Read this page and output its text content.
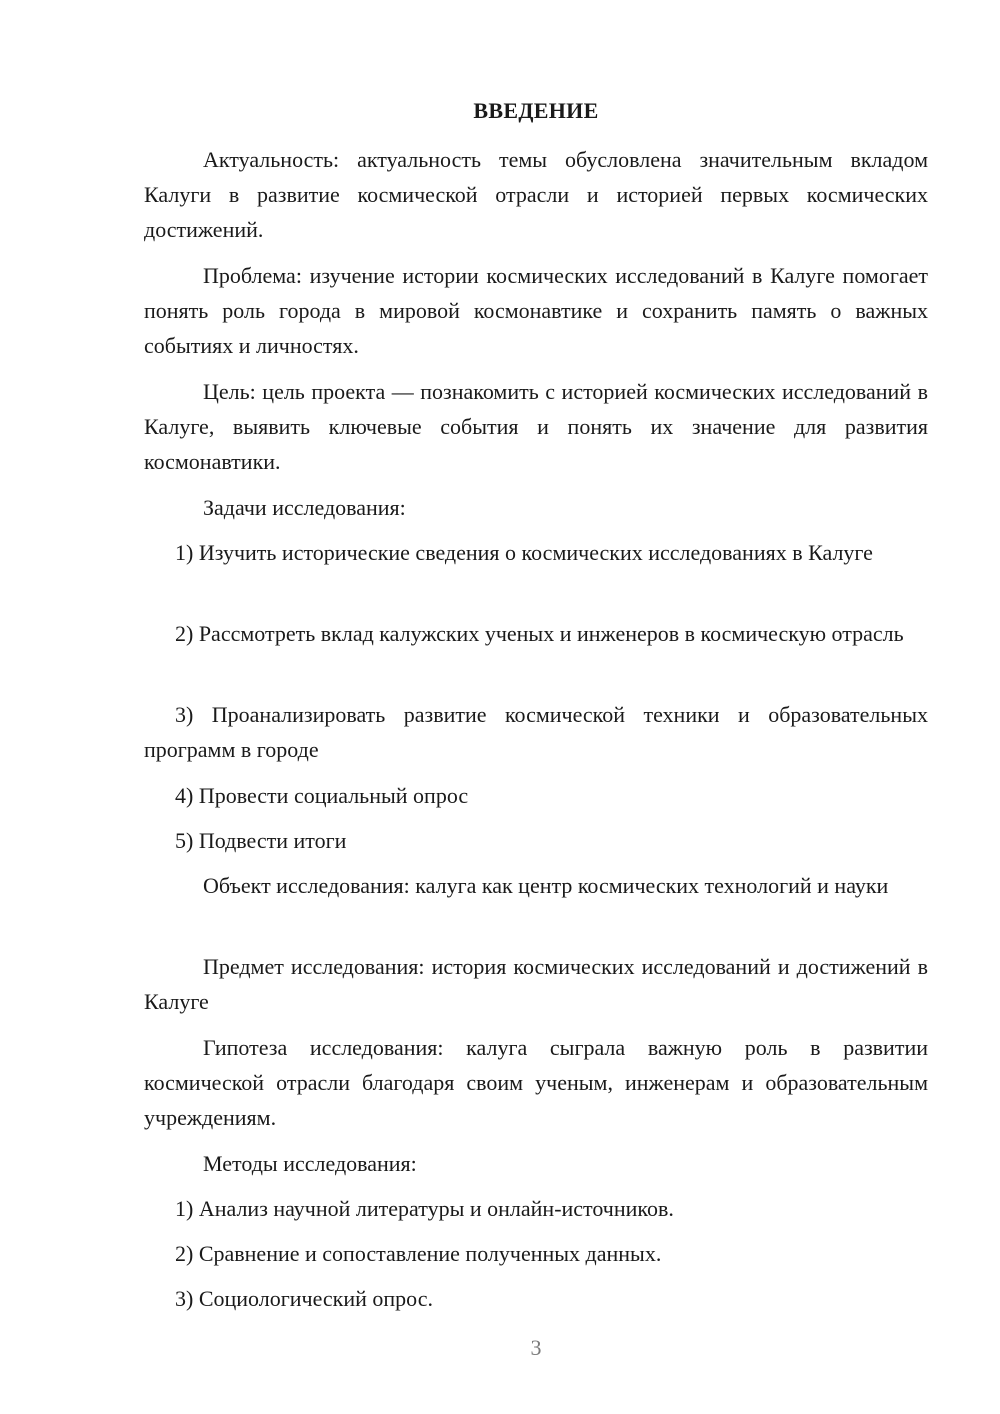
ВВЕДЕНИЕ

Актуальность: актуальность темы обусловлена значительным вкладом Калуги в развитие космической отрасли и историей первых космических достижений.

Проблема: изучение истории космических исследований в Калуге помогает понять роль города в мировой космонавтике и сохранить память о важных событиях и личностях.

Цель: цель проекта — познакомить с историей космических исследований в Калуге, выявить ключевые события и понять их значение для развития космонавтики.

Задачи исследования:

1) Изучить исторические сведения о космических исследованиях в Калуге

2) Рассмотреть вклад калужских ученых и инженеров в космическую отрасль

3) Проанализировать развитие космической техники и образовательных программ в городе

4) Провести социальный опрос

5) Подвести итоги

Объект исследования: калуга как центр космических технологий и науки

Предмет исследования: история космических исследований и достижений в Калуге

Гипотеза исследования: калуга сыграла важную роль в развитии космической отрасли благодаря своим ученым, инженерам и образовательным учреждениям.

Методы исследования:

1) Анализ научной литературы и онлайн-источников.

2) Сравнение и сопоставление полученных данных.

3) Социологический опрос.

3
